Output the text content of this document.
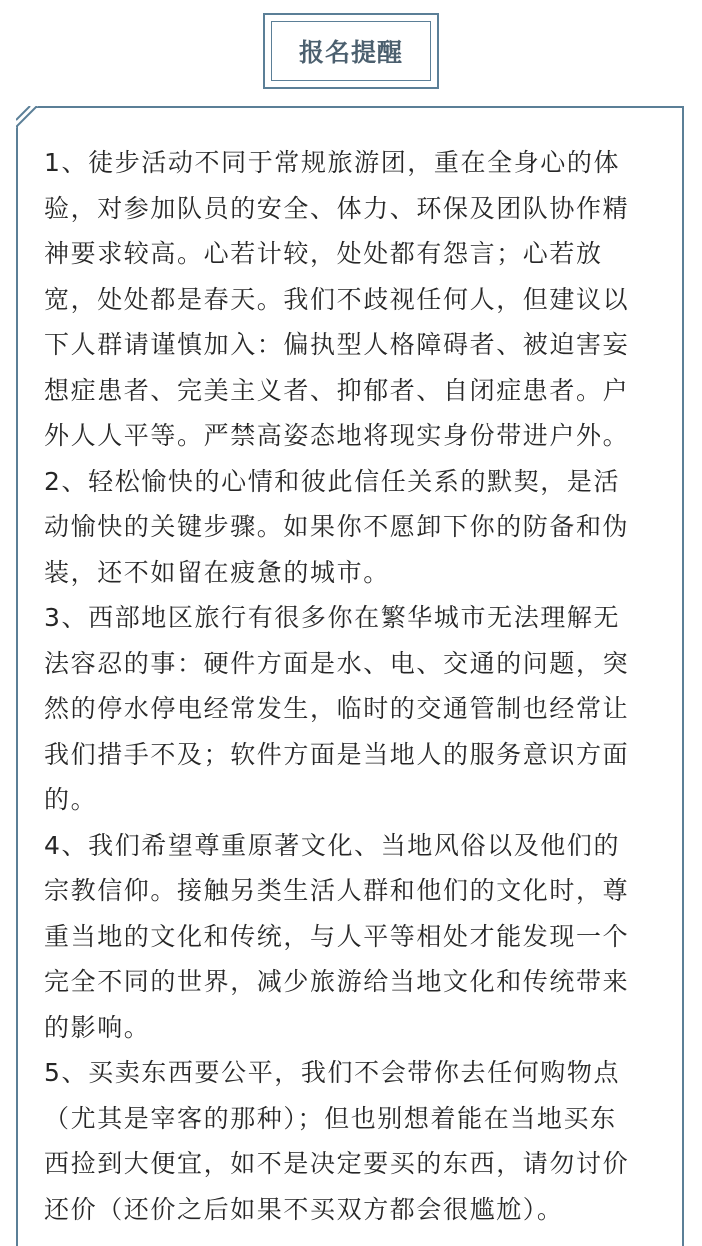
报名提醒

1、徒步活动不同于常规旅游团，重在全身心的体
验，对参加队员的安全、体力、环保及团队协作精
神要求较高。心若计较，处处都有怨言；心若放
宽，处处都是春天。我们不歧视任何人，但建议以
下人群请谨慎加入：偏执型人格障碍者、被迫害妄
想症患者、完美主义者、抑郁者、自闭症患者。户
外人人平等。严禁高姿态地将现实身份带进户外。

2、轻松愉快的心情和彼此信任关系的默契，是活
动愉快的关键步骤。如果你不愿卸下你的防备和伪
装，还不如留在疲惫的城市。

3、西部地区旅行有很多你在繁华城市无法理解无
法容忍的事：硬件方面是水、电、交通的问题，突
然的停水停电经常发生，临时的交通管制也经常让
我们措手不及；软件方面是当地人的服务意识方面
的。

4、我们希望尊重原著文化、当地风俗以及他们的
宗教信仰。接触另类生活人群和他们的文化时，尊
重当地的文化和传统，与人平等相处才能发现一个
完全不同的世界，减少旅游给当地文化和传统带来
的影响。

5、买卖东西要公平，我们不会带你去任何购物点
（尤其是宰客的那种）；但也别想着能在当地买东
西捡到大便宜，如不是决定要买的东西，请勿讨价
还价（还价之后如果不买双方都会很尴尬）。
